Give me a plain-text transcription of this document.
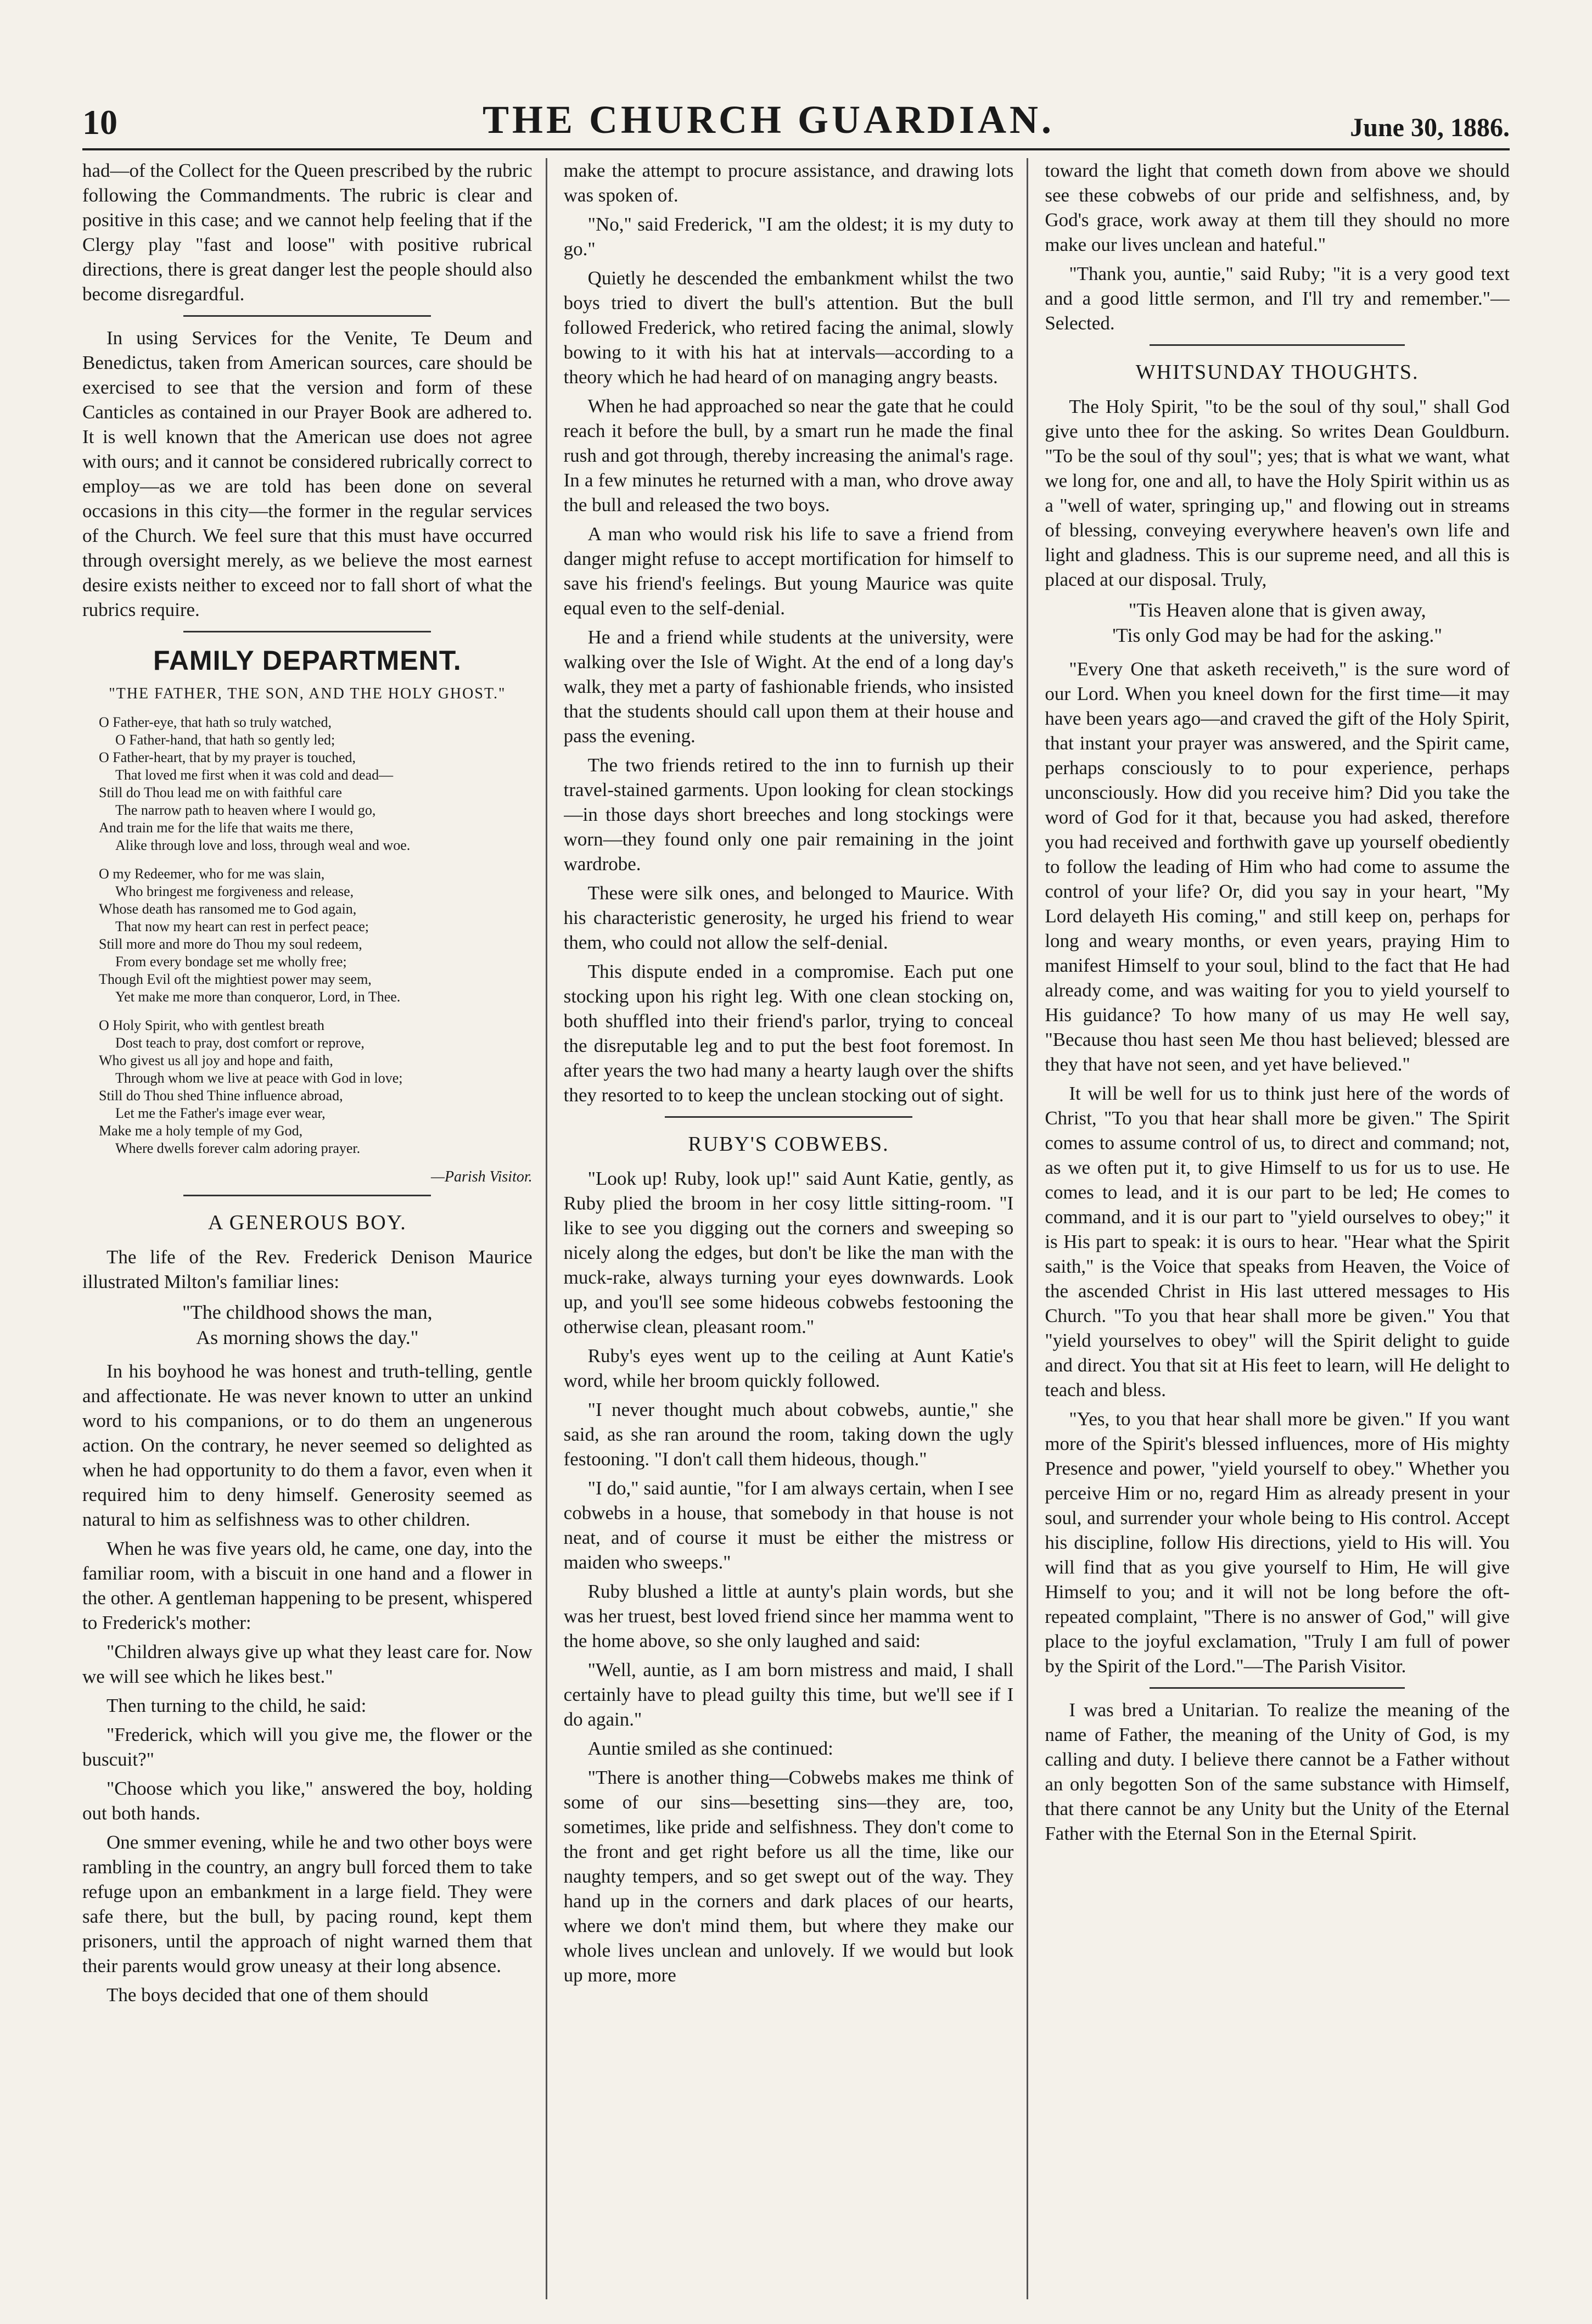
10	THE CHURCH GUARDIAN.	June 30, 1886.

had—of the Collect for the Queen prescribed by the rubric following the Commandments. The rubric is clear and positive in this case; and we cannot help feeling that if the Clergy play "fast and loose" with positive rubrical directions, there is great danger lest the people should also become disregardful.

In using Services for the Venite, Te Deum and Benedictus, taken from American sources, care should be exercised to see that the version and form of these Canticles as contained in our Prayer Book are adhered to. It is well known that the American use does not agree with ours; and it cannot be considered rubrically correct to employ—as we are told has been done on several occasions in this city—the former in the regular services of the Church. We feel sure that this must have occurred through oversight merely, as we believe the most earnest desire exists neither to exceed nor to fall short of what the rubrics require.

FAMILY DEPARTMENT.
"THE FATHER, THE SON, AND THE HOLY GHOST."
O Father-eye, that hath so truly watched,
O Father-hand, that hath so gently led;
O Father-heart, that by my prayer is touched,
That loved me first when it was cold and dead—
Still do Thou lead me on with faithful care
The narrow path to heaven where I would go,
And train me for the life that waits me there,
Alike through love and loss, through weal and woe.
O my Redeemer, who for me was slain,
Who bringest me forgiveness and release,
Whose death has ransomed me to God again,
That now my heart can rest in perfect peace;
Still more and more do Thou my soul redeem,
From every bondage set me wholly free;
Though Evil oft the mightiest power may seem,
Yet make me more than conqueror, Lord, in Thee.
O Holy Spirit, who with gentlest breath
Dost teach to pray, dost comfort or reprove,
Who givest us all joy and hope and faith,
Through whom we live at peace with God in love;
Still do Thou shed Thine influence abroad,
Let me the Father's image ever wear,
Make me a holy temple of my God,
Where dwells forever calm adoring prayer.
—Parish Visitor.
A GENEROUS BOY.

The life of the Rev. Frederick Denison Maurice illustrated Milton's familiar lines:

"The childhood shows the man,
As morning shows the day."

In his boyhood he was honest and truth-telling, gentle and affectionate. He was never known to utter an unkind word to his companions, or to do them an ungenerous action. On the contrary, he never seemed so delighted as when he had opportunity to do them a favor, even when it required him to deny himself. Generosity seemed as natural to him as selfishness was to other children.

When he was five years old, he came, one day, into the familiar room, with a biscuit in one hand and a flower in the other. A gentleman happening to be present, whispered to Frederick's mother:

"Children always give up what they least care for. Now we will see which he likes best."

Then turning to the child, he said:

"Frederick, which will you give me, the flower or the buscuit?"

"Choose which you like," answered the boy, holding out both hands.

One smmer evening, while he and two other boys were rambling in the country, an angry bull forced them to take refuge upon an embankment in a large field. They were safe there, but the bull, by pacing round, kept them prisoners, until the approach of night warned them that their parents would grow uneasy at their long absence.

The boys decided that one of them should

make the attempt to procure assistance, and drawing lots was spoken of.

"No," said Frederick, "I am the oldest; it is my duty to go."

Quietly he descended the embankment whilst the two boys tried to divert the bull's attention. But the bull followed Frederick, who retired facing the animal, slowly bowing to it with his hat at intervals—according to a theory which he had heard of on managing angry beasts.

When he had approached so near the gate that he could reach it before the bull, by a smart run he made the final rush and got through, thereby increasing the animal's rage. In a few minutes he returned with a man, who drove away the bull and released the two boys.

A man who would risk his life to save a friend from danger might refuse to accept mortification for himself to save his friend's feelings. But young Maurice was quite equal even to the self-denial.

He and a friend while students at the university, were walking over the Isle of Wight. At the end of a long day's walk, they met a party of fashionable friends, who insisted that the students should call upon them at their house and pass the evening.

The two friends retired to the inn to furnish up their travel-stained garments. Upon looking for clean stockings—in those days short breeches and long stockings were worn—they found only one pair remaining in the joint wardrobe.

These were silk ones, and belonged to Maurice. With his characteristic generosity, he urged his friend to wear them, who could not allow the self-denial.

This dispute ended in a compromise. Each put one stocking upon his right leg. With one clean stocking on, both shuffled into their friend's parlor, trying to conceal the disreputable leg and to put the best foot foremost. In after years the two had many a hearty laugh over the shifts they resorted to to keep the unclean stocking out of sight.

RUBY'S COBWEBS.

"Look up! Ruby, look up!" said Aunt Katie, gently, as Ruby plied the broom in her cosy little sitting-room. "I like to see you digging out the corners and sweeping so nicely along the edges, but don't be like the man with the muck-rake, always turning your eyes downwards. Look up, and you'll see some hideous cobwebs festooning the otherwise clean, pleasant room."

Ruby's eyes went up to the ceiling at Aunt Katie's word, while her broom quickly followed.

"I never thought much about cobwebs, auntie," she said, as she ran around the room, taking down the ugly festooning. "I don't call them hideous, though."

"I do," said auntie, "for I am always certain, when I see cobwebs in a house, that somebody in that house is not neat, and of course it must be either the mistress or maiden who sweeps."

Ruby blushed a little at aunty's plain words, but she was her truest, best loved friend since her mamma went to the home above, so she only laughed and said:

"Well, auntie, as I am born mistress and maid, I shall certainly have to plead guilty this time, but we'll see if I do again."

Auntie smiled as she continued:

"There is another thing—Cobwebs makes me think of some of our sins—besetting sins—they are, too, sometimes, like pride and selfishness. They don't come to the front and get right before us all the time, like our naughty tempers, and so get swept out of the way. They hand up in the corners and dark places of our hearts, where we don't mind them, but where they make our whole lives unclean and unlovely. If we would but look up more, more

toward the light that cometh down from above we should see these cobwebs of our pride and selfishness, and, by God's grace, work away at them till they should no more make our lives unclean and hateful."

"Thank you, auntie," said Ruby; "it is a very good text and a good little sermon, and I'll try and remember."—Selected.

WHITSUNDAY THOUGHTS.

The Holy Spirit, "to be the soul of thy soul," shall God give unto thee for the asking. So writes Dean Gouldburn. "To be the soul of thy soul"; yes; that is what we want, what we long for, one and all, to have the Holy Spirit within us as a "well of water, springing up," and flowing out in streams of blessing, conveying everywhere heaven's own life and light and gladness. This is our supreme need, and all this is placed at our disposal. Truly,

"Tis Heaven alone that is given away,
'Tis only God may be had for the asking."

"Every One that asketh receiveth," is the sure word of our Lord. When you kneel down for the first time—it may have been years ago—and craved the gift of the Holy Spirit, that instant your prayer was answered, and the Spirit came, perhaps consciously to to pour experience, perhaps unconsciously. How did you receive him? Did you take the word of God for it that, because you had asked, therefore you had received and forthwith gave up yourself obediently to follow the leading of Him who had come to assume the control of your life? Or, did you say in your heart, "My Lord delayeth His coming," and still keep on, perhaps for long and weary months, or even years, praying Him to manifest Himself to your soul, blind to the fact that He had already come, and was waiting for you to yield yourself to His guidance? To how many of us may He well say, "Because thou hast seen Me thou hast believed; blessed are they that have not seen, and yet have believed."

It will be well for us to think just here of the words of Christ, "To you that hear shall more be given." The Spirit comes to assume control of us, to direct and command; not, as we often put it, to give Himself to us for us to use. He comes to lead, and it is our part to be led; He comes to command, and it is our part to "yield ourselves to obey;" it is His part to speak: it is ours to hear. "Hear what the Spirit saith," is the Voice that speaks from Heaven, the Voice of the ascended Christ in His last uttered messages to His Church. "To you that hear shall more be given." You that "yield yourselves to obey" will the Spirit delight to guide and direct. You that sit at His feet to learn, will He delight to teach and bless.

"Yes, to you that hear shall more be given." If you want more of the Spirit's blessed influences, more of His mighty Presence and power, "yield yourself to obey." Whether you perceive Him or no, regard Him as already present in your soul, and surrender your whole being to His control. Accept his discipline, follow His directions, yield to His will. You will find that as you give yourself to Him, He will give Himself to you; and it will not be long before the oft-repeated complaint, "There is no answer of God," will give place to the joyful exclamation, "Truly I am full of power by the Spirit of the Lord."—The Parish Visitor.

I was bred a Unitarian. To realize the meaning of the name of Father, the meaning of the Unity of God, is my calling and duty. I believe there cannot be a Father without an only begotten Son of the same substance with Himself, that there cannot be any Unity but the Unity of the Eternal Father with the Eternal Son in the Eternal Spirit.
